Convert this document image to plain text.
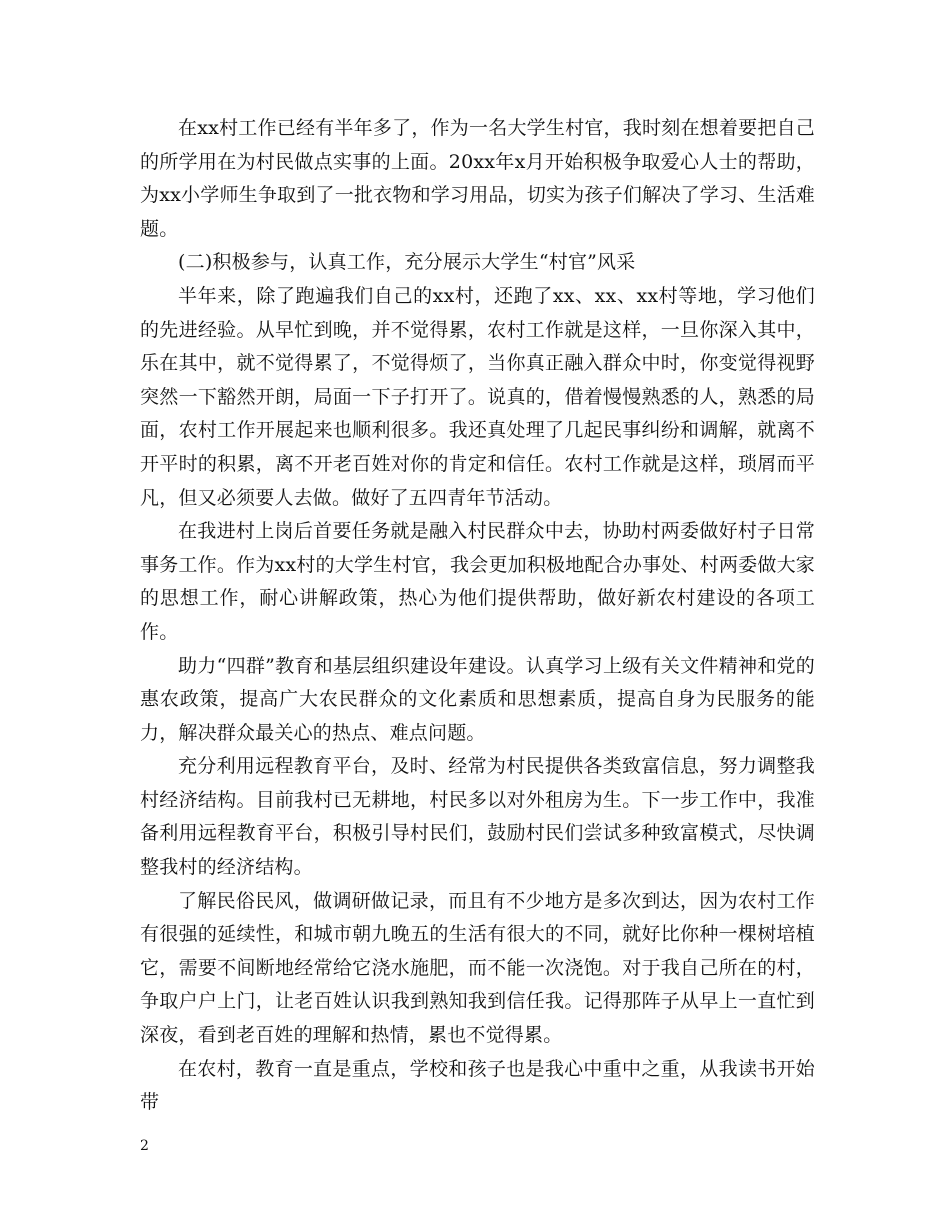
在xx村工作已经有半年多了，作为一名大学生村官，我时刻在想着要把自己的所学用在为村民做点实事的上面。20xx年x月开始积极争取爱心人士的帮助，为xx小学师生争取到了一批衣物和学习用品，切实为孩子们解决了学习、生活难题。

(二)积极参与，认真工作，充分展示大学生“村官”风采

半年来，除了跑遍我们自己的xx村，还跑了xx、xx、xx村等地，学习他们的先进经验。从早忙到晚，并不觉得累，农村工作就是这样，一旦你深入其中，乐在其中，就不觉得累了，不觉得烦了，当你真正融入群众中时，你变觉得视野突然一下豁然开朗，局面一下子打开了。说真的，借着慢慢熟悉的人，熟悉的局面，农村工作开展起来也顺利很多。我还真处理了几起民事纠纷和调解，就离不开平时的积累，离不开老百姓对你的肯定和信任。农村工作就是这样，琐屑而平凡，但又必须要人去做。做好了五四青年节活动。

在我进村上岗后首要任务就是融入村民群众中去，协助村两委做好村子日常事务工作。作为xx村的大学生村官，我会更加积极地配合办事处、村两委做大家的思想工作，耐心讲解政策，热心为他们提供帮助，做好新农村建设的各项工作。

助力“四群”教育和基层组织建设年建设。认真学习上级有关文件精神和党的惠农政策，提高广大农民群众的文化素质和思想素质，提高自身为民服务的能力，解决群众最关心的热点、难点问题。

充分利用远程教育平台，及时、经常为村民提供各类致富信息，努力调整我村经济结构。目前我村已无耕地，村民多以对外租房为生。下一步工作中，我准备利用远程教育平台，积极引导村民们，鼓励村民们尝试多种致富模式，尽快调整我村的经济结构。

了解民俗民风，做调研做记录，而且有不少地方是多次到达，因为农村工作有很强的延续性，和城市朝九晚五的生活有很大的不同，就好比你种一棵树培植它，需要不间断地经常给它浇水施肥，而不能一次浇饱。对于我自己所在的村，争取户户上门，让老百姓认识我到熟知我到信任我。记得那阵子从早上一直忙到深夜，看到老百姓的理解和热情，累也不觉得累。

在农村，教育一直是重点，学校和孩子也是我心中重中之重，从我读书开始带

2
